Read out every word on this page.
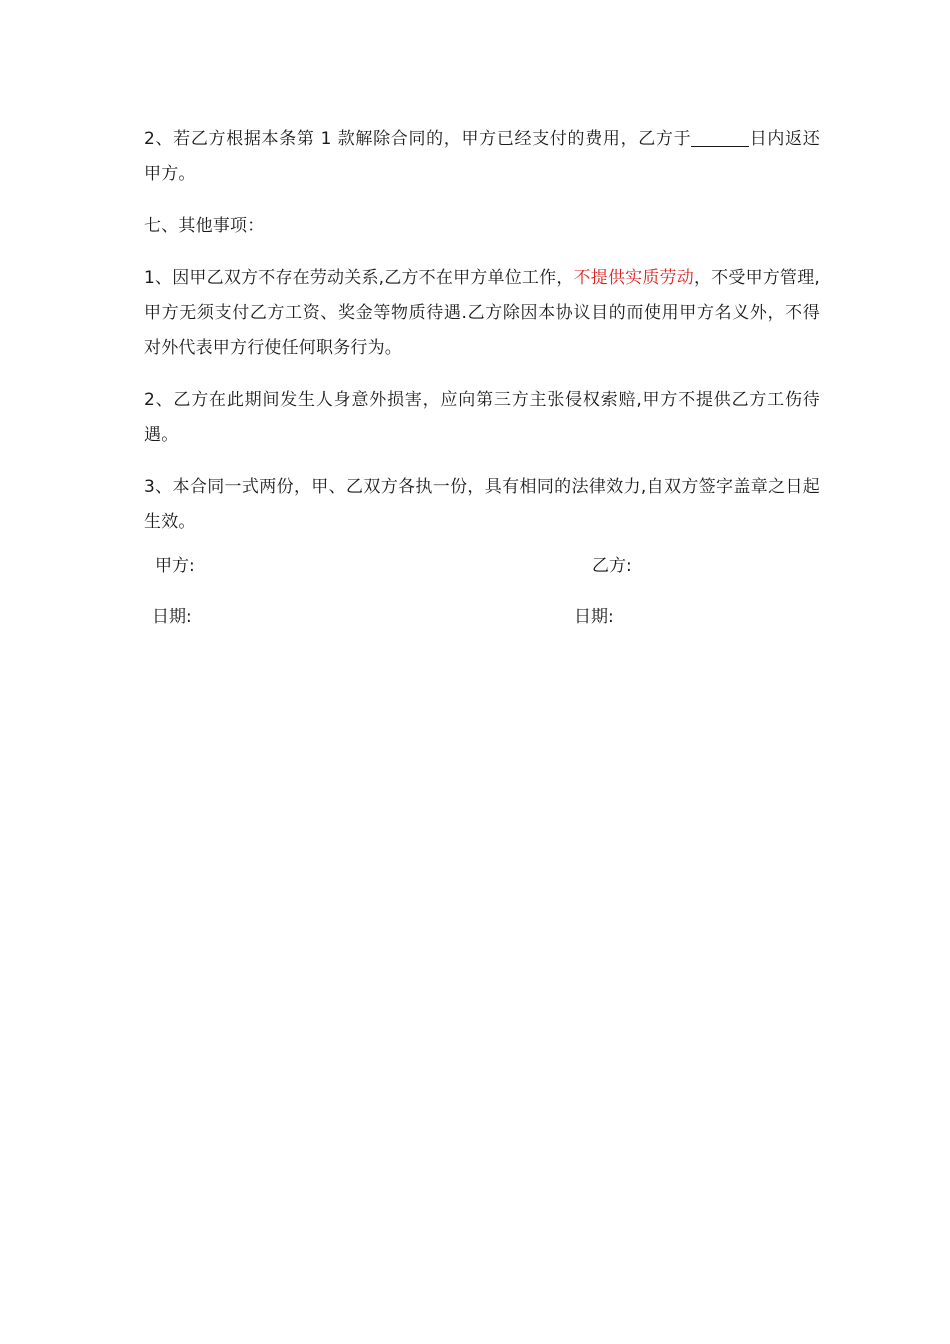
2、若乙方根据本条第 1 款解除合同的，甲方已经支付的费用，乙方于	日内返还甲方。

七、其他事项：

1、因甲乙双方不存在劳动关系,乙方不在甲方单位工作，不提供实质劳动，不受甲方管理,甲方无须支付乙方工资、奖金等物质待遇.乙方除因本协议目的而使用甲方名义外，不得对外代表甲方行使任何职务行为。

2、乙方在此期间发生人身意外损害，应向第三方主张侵权索赔,甲方不提供乙方工伤待遇。

3、本合同一式两份，甲、乙双方各执一份，具有相同的法律效力,自双方签字盖章之日起生效。

甲方:	乙方:
日期:	日期:
